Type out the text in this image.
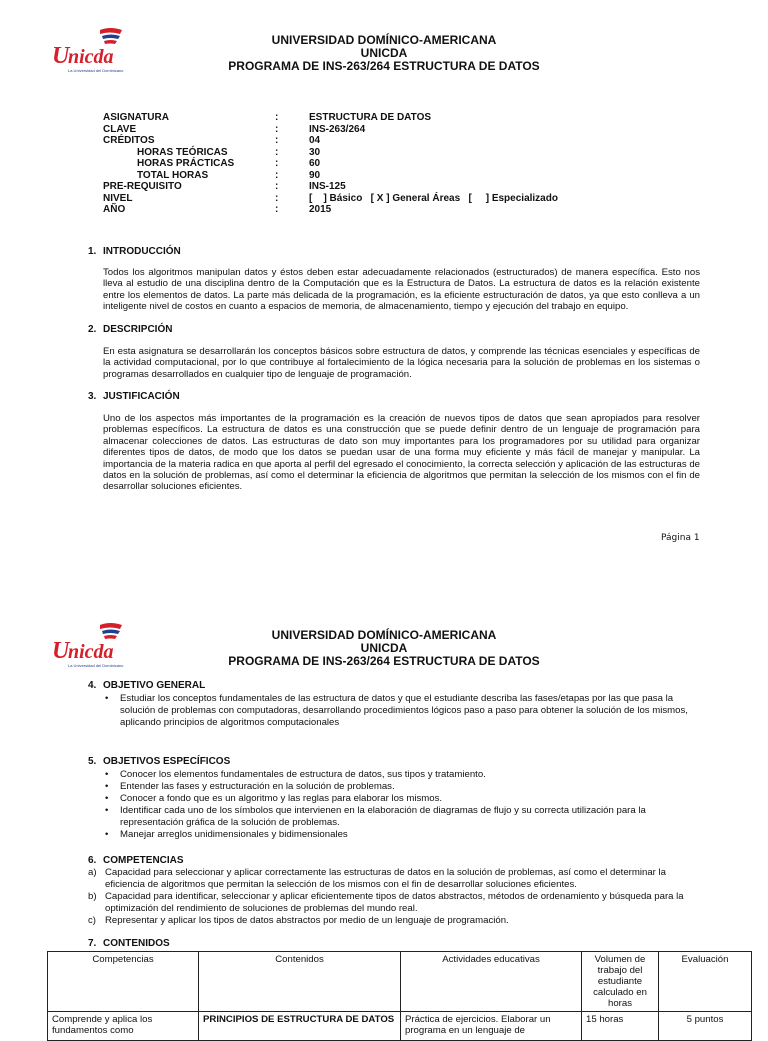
U
nicda
La Universidad del Dominicano
UNIVERSIDAD DOMÍNICO-AMERICANA
UNICDA
PROGRAMA DE INS-263/264 ESTRUCTURA DE DATOS
ASIGNATURA	:	ESTRUCTURA DE DATOS
CLAVE	:	INS-263/264
CRÉDITOS	:	04
HORAS TEÓRICAS	:	30
HORAS PRÁCTICAS	:	60
TOTAL HORAS	:	90
PRE-REQUISITO	:	INS-125
NIVEL	:	[    ] Básico   [ X ] General Áreas   [     ] Especializado
AÑO	:	2015
1. INTRODUCCIÓN
Todos los algoritmos manipulan datos y éstos deben estar adecuadamente relacionados (estructurados) de manera específica. Esto nos lleva al estudio de una disciplina dentro de la Computación que es la Estructura de Datos. La estructura de datos es la relación existente entre los elementos de datos. La parte más delicada de la programación, es la eficiente estructuración de datos, ya que esto conlleva a un inteligente nivel de costos en cuanto a espacios de memoria, de almacenamiento, tiempo y ejecución del trabajo en equipo.
2. DESCRIPCIÓN
En esta asignatura se desarrollarán los conceptos básicos sobre estructura de datos, y comprende las técnicas esenciales y específicas de la actividad computacional, por lo que contribuye al fortalecimiento de la lógica necesaria para la solución de problemas en los sistemas o programas desarrollados en cualquier tipo de lenguaje de programación.
3. JUSTIFICACIÓN
Uno de los aspectos más importantes de la programación es la creación de nuevos tipos de datos que sean apropiados para resolver problemas específicos. La estructura de datos es una construcción que se puede definir dentro de un lenguaje de programación para almacenar colecciones de datos. Las estructuras de dato son muy importantes para los programadores por su utilidad para organizar diferentes tipos de datos, de modo que los datos se puedan usar de una forma muy eficiente y más fácil de manejar y manipular. La importancia de la materia radica en que aporta al perfil del egresado el conocimiento, la correcta selección y aplicación de las estructuras de datos en la solución de problemas, así como el determinar la eficiencia de algoritmos que permitan la selección de los mismos con el fin de desarrollar soluciones eficientes.
Página 1
U
nicda
La Universidad del Dominicano
UNIVERSIDAD DOMÍNICO-AMERICANA
UNICDA
PROGRAMA DE INS-263/264 ESTRUCTURA DE DATOS
4. OBJETIVO GENERAL
• Estudiar los conceptos fundamentales de las estructura de datos y que el estudiante describa las fases/etapas por las que pasa la solución de problemas con computadoras, desarrollando procedimientos lógicos paso a paso para obtener la solución de los mismos, aplicando principios de algoritmos computacionales
5. OBJETIVOS ESPECÍFICOS
• Conocer los elementos fundamentales de estructura de datos, sus tipos y tratamiento.
• Entender las fases y estructuración en la solución de problemas.
• Conocer a fondo que es un algoritmo y las reglas para elaborar los mismos.
• Identificar cada uno de los símbolos que intervienen en la elaboración de diagramas de flujo y su correcta utilización para la representación gráfica de la solución de problemas.
• Manejar arreglos unidimensionales y bidimensionales
6. COMPETENCIAS
a) Capacidad para seleccionar y aplicar correctamente las estructuras de datos en la solución de problemas, así como el determinar la eficiencia de algoritmos que permitan la selección de los mismos con el fin de desarrollar soluciones eficientes.
b) Capacidad para identificar, seleccionar y aplicar eficientemente tipos de datos abstractos, métodos de ordenamiento y búsqueda para la optimización del rendimiento de soluciones de problemas del mundo real.
c) Representar y aplicar los tipos de datos abstractos por medio de un lenguaje de programación.
7. CONTENIDOS
Competencias	Contenidos	Actividades educativas	Volumen de trabajo del estudiante calculado en horas	Evaluación
Comprende y aplica los fundamentos como	PRINCIPIOS DE ESTRUCTURA DE DATOS	Práctica de ejercicios. Elaborar un programa en un lenguaje de	15 horas	5 puntos
